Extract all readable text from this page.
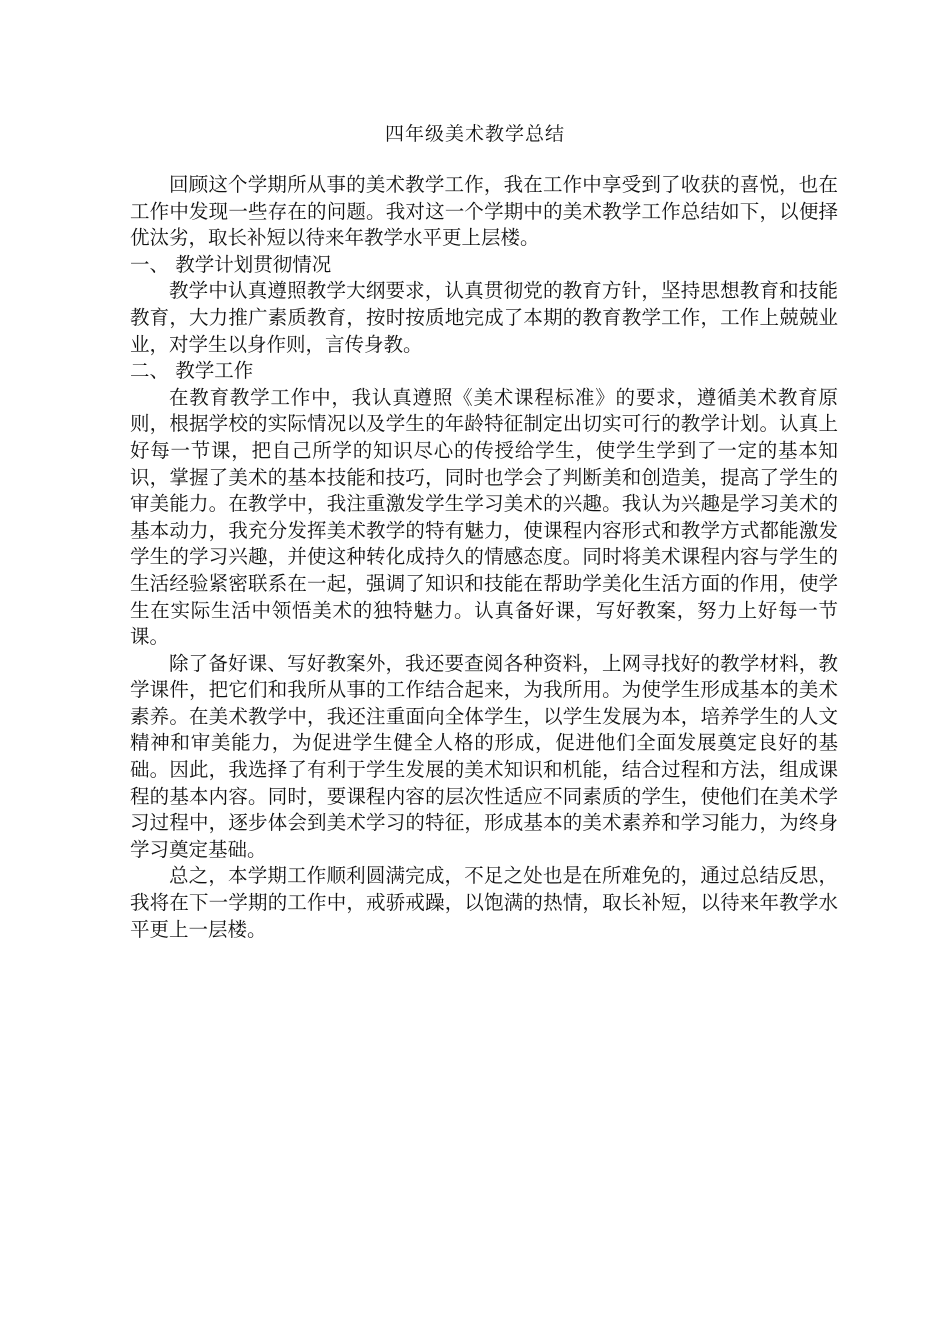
四年级美术教学总结

回顾这个学期所从事的美术教学工作，我在工作中享受到了收获的喜悦，也在工作中发现一些存在的问题。我对这一个学期中的美术教学工作总结如下，以便择优汰劣，取长补短以待来年教学水平更上层楼。

一、 教学计划贯彻情况

教学中认真遵照教学大纲要求，认真贯彻党的教育方针，坚持思想教育和技能教育，大力推广素质教育，按时按质地完成了本期的教育教学工作，工作上兢兢业业，对学生以身作则，言传身教。

二、 教学工作

在教育教学工作中，我认真遵照《美术课程标准》的要求，遵循美术教育原则，根据学校的实际情况以及学生的年龄特征制定出切实可行的教学计划。认真上好每一节课，把自己所学的知识尽心的传授给学生，使学生学到了一定的基本知识，掌握了美术的基本技能和技巧，同时也学会了判断美和创造美，提高了学生的审美能力。在教学中，我注重激发学生学习美术的兴趣。我认为兴趣是学习美术的基本动力，我充分发挥美术教学的特有魅力，使课程内容形式和教学方式都能激发学生的学习兴趣，并使这种转化成持久的情感态度。同时将美术课程内容与学生的生活经验紧密联系在一起，强调了知识和技能在帮助学美化生活方面的作用，使学生在实际生活中领悟美术的独特魅力。认真备好课，写好教案，努力上好每一节课。

除了备好课、写好教案外，我还要查阅各种资料，上网寻找好的教学材料，教学课件，把它们和我所从事的工作结合起来，为我所用。为使学生形成基本的美术素养。在美术教学中，我还注重面向全体学生，以学生发展为本，培养学生的人文精神和审美能力，为促进学生健全人格的形成，促进他们全面发展奠定良好的基础。因此，我选择了有利于学生发展的美术知识和机能，结合过程和方法，组成课程的基本内容。同时，要课程内容的层次性适应不同素质的学生，使他们在美术学习过程中，逐步体会到美术学习的特征，形成基本的美术素养和学习能力，为终身学习奠定基础。

总之，本学期工作顺利圆满完成，不足之处也是在所难免的，通过总结反思，我将在下一学期的工作中，戒骄戒躁，以饱满的热情，取长补短，以待来年教学水平更上一层楼。
